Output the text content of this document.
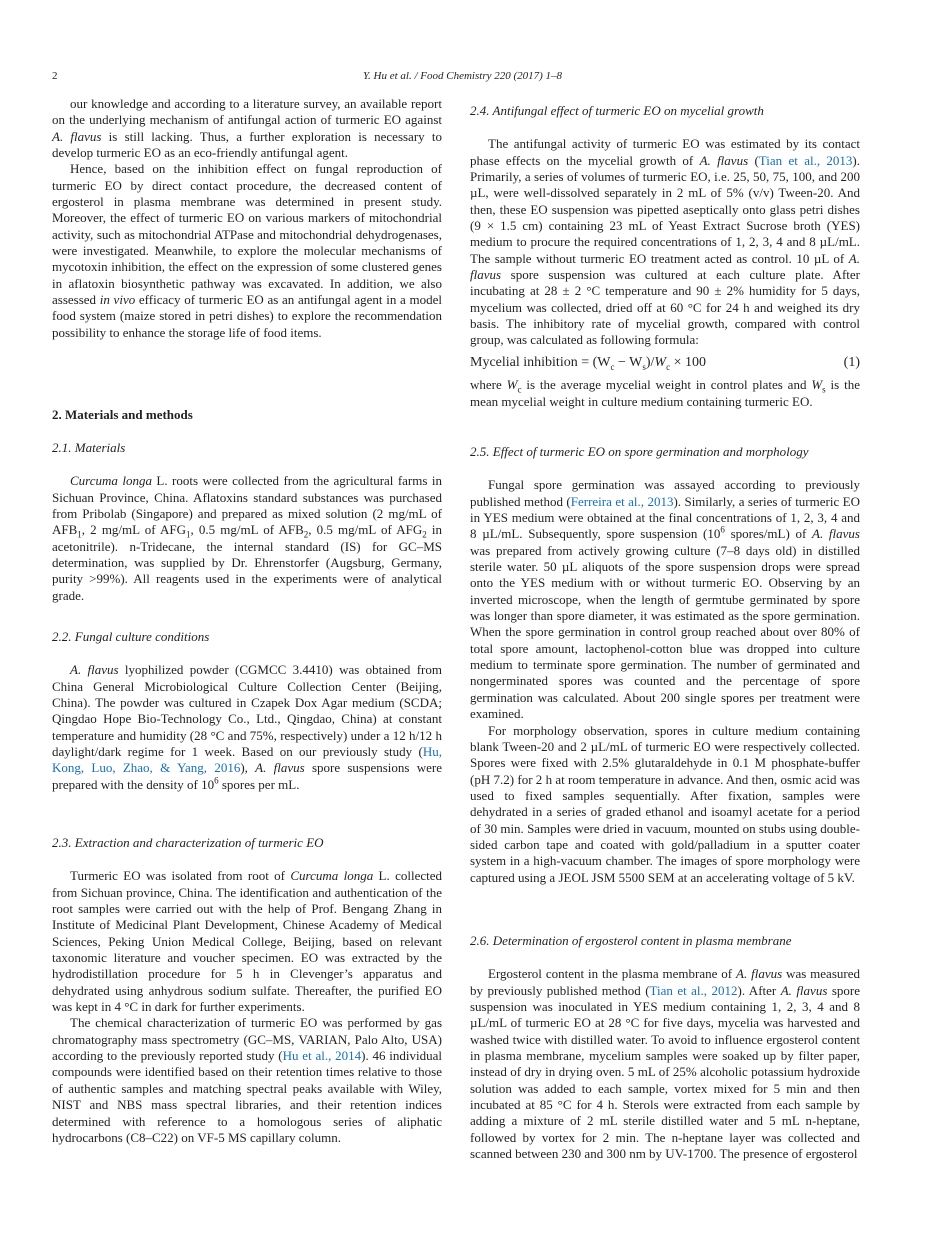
2	Y. Hu et al. / Food Chemistry 220 (2017) 1–8

our knowledge and according to a literature survey, an available report on the underlying mechanism of antifungal action of turmeric EO against A. flavus is still lacking. Thus, a further exploration is necessary to develop turmeric EO as an eco-friendly antifungal agent.

Hence, based on the inhibition effect on fungal reproduction of turmeric EO by direct contact procedure, the decreased content of ergosterol in plasma membrane was determined in present study. Moreover, the effect of turmeric EO on various markers of mitochondrial activity, such as mitochondrial ATPase and mitochondrial dehydrogenases, were investigated. Meanwhile, to explore the molecular mechanisms of mycotoxin inhibition, the effect on the expression of some clustered genes in aflatoxin biosynthetic pathway was excavated. In addition, we also assessed in vivo efficacy of turmeric EO as an antifungal agent in a model food system (maize stored in petri dishes) to explore the recommendation possibility to enhance the storage life of food items.

2. Materials and methods
2.1. Materials

Curcuma longa L. roots were collected from the agricultural farms in Sichuan Province, China. Aflatoxins standard substances was purchased from Pribolab (Singapore) and prepared as mixed solution (2 mg/mL of $AFB_1$, 2 mg/mL of $AFG_1$, 0.5 mg/mL of $AFB_2$, 0.5 mg/mL of $AFG_2$ in acetonitrile). n-Tridecane, the internal standard (IS) for GC–MS determination, was supplied by Dr. Ehrenstorfer (Augsburg, Germany, purity >99%). All reagents used in the experiments were of analytical grade.

2.2. Fungal culture conditions

A. flavus lyophilized powder (CGMCC 3.4410) was obtained from China General Microbiological Culture Collection Center (Beijing, China). The powder was cultured in Czapek Dox Agar medium (SCDA; Qingdao Hope Bio-Technology Co., Ltd., Qingdao, China) at constant temperature and humidity (28 °C and 75%, respectively) under a 12 h/12 h daylight/dark regime for 1 week. Based on our previously study (Hu, Kong, Luo, Zhao, & Yang, 2016), A. flavus spore suspensions were prepared with the density of $10^6$ spores per mL.

2.3. Extraction and characterization of turmeric EO

Turmeric EO was isolated from root of Curcuma longa L. collected from Sichuan province, China. The identification and authentication of the root samples were carried out with the help of Prof. Bengang Zhang in Institute of Medicinal Plant Development, Chinese Academy of Medical Sciences, Peking Union Medical College, Beijing, based on relevant taxonomic literature and voucher specimen. EO was extracted by the hydrodistillation procedure for 5 h in Clevenger’s apparatus and dehydrated using anhydrous sodium sulfate. Thereafter, the purified EO was kept in 4 °C in dark for further experiments.

The chemical characterization of turmeric EO was performed by gas chromatography mass spectrometry (GC–MS, VARIAN, Palo Alto, USA) according to the previously reported study (Hu et al., 2014). 46 individual compounds were identified based on their retention times relative to those of authentic samples and matching spectral peaks available with Wiley, NIST and NBS mass spectral libraries, and their retention indices determined with reference to a homologous series of aliphatic hydrocarbons (C8–C22) on VF-5 MS capillary column.

2.4. Antifungal effect of turmeric EO on mycelial growth

The antifungal activity of turmeric EO was estimated by its contact phase effects on the mycelial growth of A. flavus (Tian et al., 2013). Primarily, a series of volumes of turmeric EO, i.e. 25, 50, 75, 100, and 200 µL, were well-dissolved separately in 2 mL of 5% (v/v) Tween-20. And then, these EO suspension was pipetted aseptically onto glass petri dishes (9 × 1.5 cm) containing 23 mL of Yeast Extract Sucrose broth (YES) medium to procure the required concentrations of 1, 2, 3, 4 and 8 µL/mL. The sample without turmeric EO treatment acted as control. 10 µL of A. flavus spore suspension was cultured at each culture plate. After incubating at 28 ± 2 °C temperature and 90 ± 2% humidity for 5 days, mycelium was collected, dried off at 60 °C for 24 h and weighed its dry basis. The inhibitory rate of mycelial growth, compared with control group, was calculated as following formula:

Mycelial inhibition = $(W_c - W_s)/W_c \times 100$	(1)

where $W_c$ is the average mycelial weight in control plates and $W_s$ is the mean mycelial weight in culture medium containing turmeric EO.

2.5. Effect of turmeric EO on spore germination and morphology

Fungal spore germination was assayed according to previously published method (Ferreira et al., 2013). Similarly, a series of turmeric EO in YES medium were obtained at the final concentrations of 1, 2, 3, 4 and 8 µL/mL. Subsequently, spore suspension ($10^6$ spores/mL) of A. flavus was prepared from actively growing culture (7–8 days old) in distilled sterile water. 50 µL aliquots of the spore suspension drops were spread onto the YES medium with or without turmeric EO. Observing by an inverted microscope, when the length of germtube germinated by spore was longer than spore diameter, it was estimated as the spore germination. When the spore germination in control group reached about over 80% of total spore amount, lactophenol-cotton blue was dropped into culture medium to terminate spore germination. The number of germinated and nongerminated spores was counted and the percentage of spore germination was calculated. About 200 single spores per treatment were examined.

For morphology observation, spores in culture medium containing blank Tween-20 and 2 µL/mL of turmeric EO were respectively collected. Spores were fixed with 2.5% glutaraldehyde in 0.1 M phosphate-buffer (pH 7.2) for 2 h at room temperature in advance. And then, osmic acid was used to fixed samples sequentially. After fixation, samples were dehydrated in a series of graded ethanol and isoamyl acetate for a period of 30 min. Samples were dried in vacuum, mounted on stubs using double-sided carbon tape and coated with gold/palladium in a sputter coater system in a high-vacuum chamber. The images of spore morphology were captured using a JEOL JSM 5500 SEM at an accelerating voltage of 5 kV.

2.6. Determination of ergosterol content in plasma membrane

Ergosterol content in the plasma membrane of A. flavus was measured by previously published method (Tian et al., 2012). After A. flavus spore suspension was inoculated in YES medium containing 1, 2, 3, 4 and 8 µL/mL of turmeric EO at 28 °C for five days, mycelia was harvested and washed twice with distilled water. To avoid to influence ergosterol content in plasma membrane, mycelium samples were soaked up by filter paper, instead of dry in drying oven. 5 mL of 25% alcoholic potassium hydroxide solution was added to each sample, vortex mixed for 5 min and then incubated at 85 °C for 4 h. Sterols were extracted from each sample by adding a mixture of 2 mL sterile distilled water and 5 mL n-heptane, followed by vortex for 2 min. The n-heptane layer was collected and scanned between 230 and 300 nm by UV-1700. The presence of ergosterol
